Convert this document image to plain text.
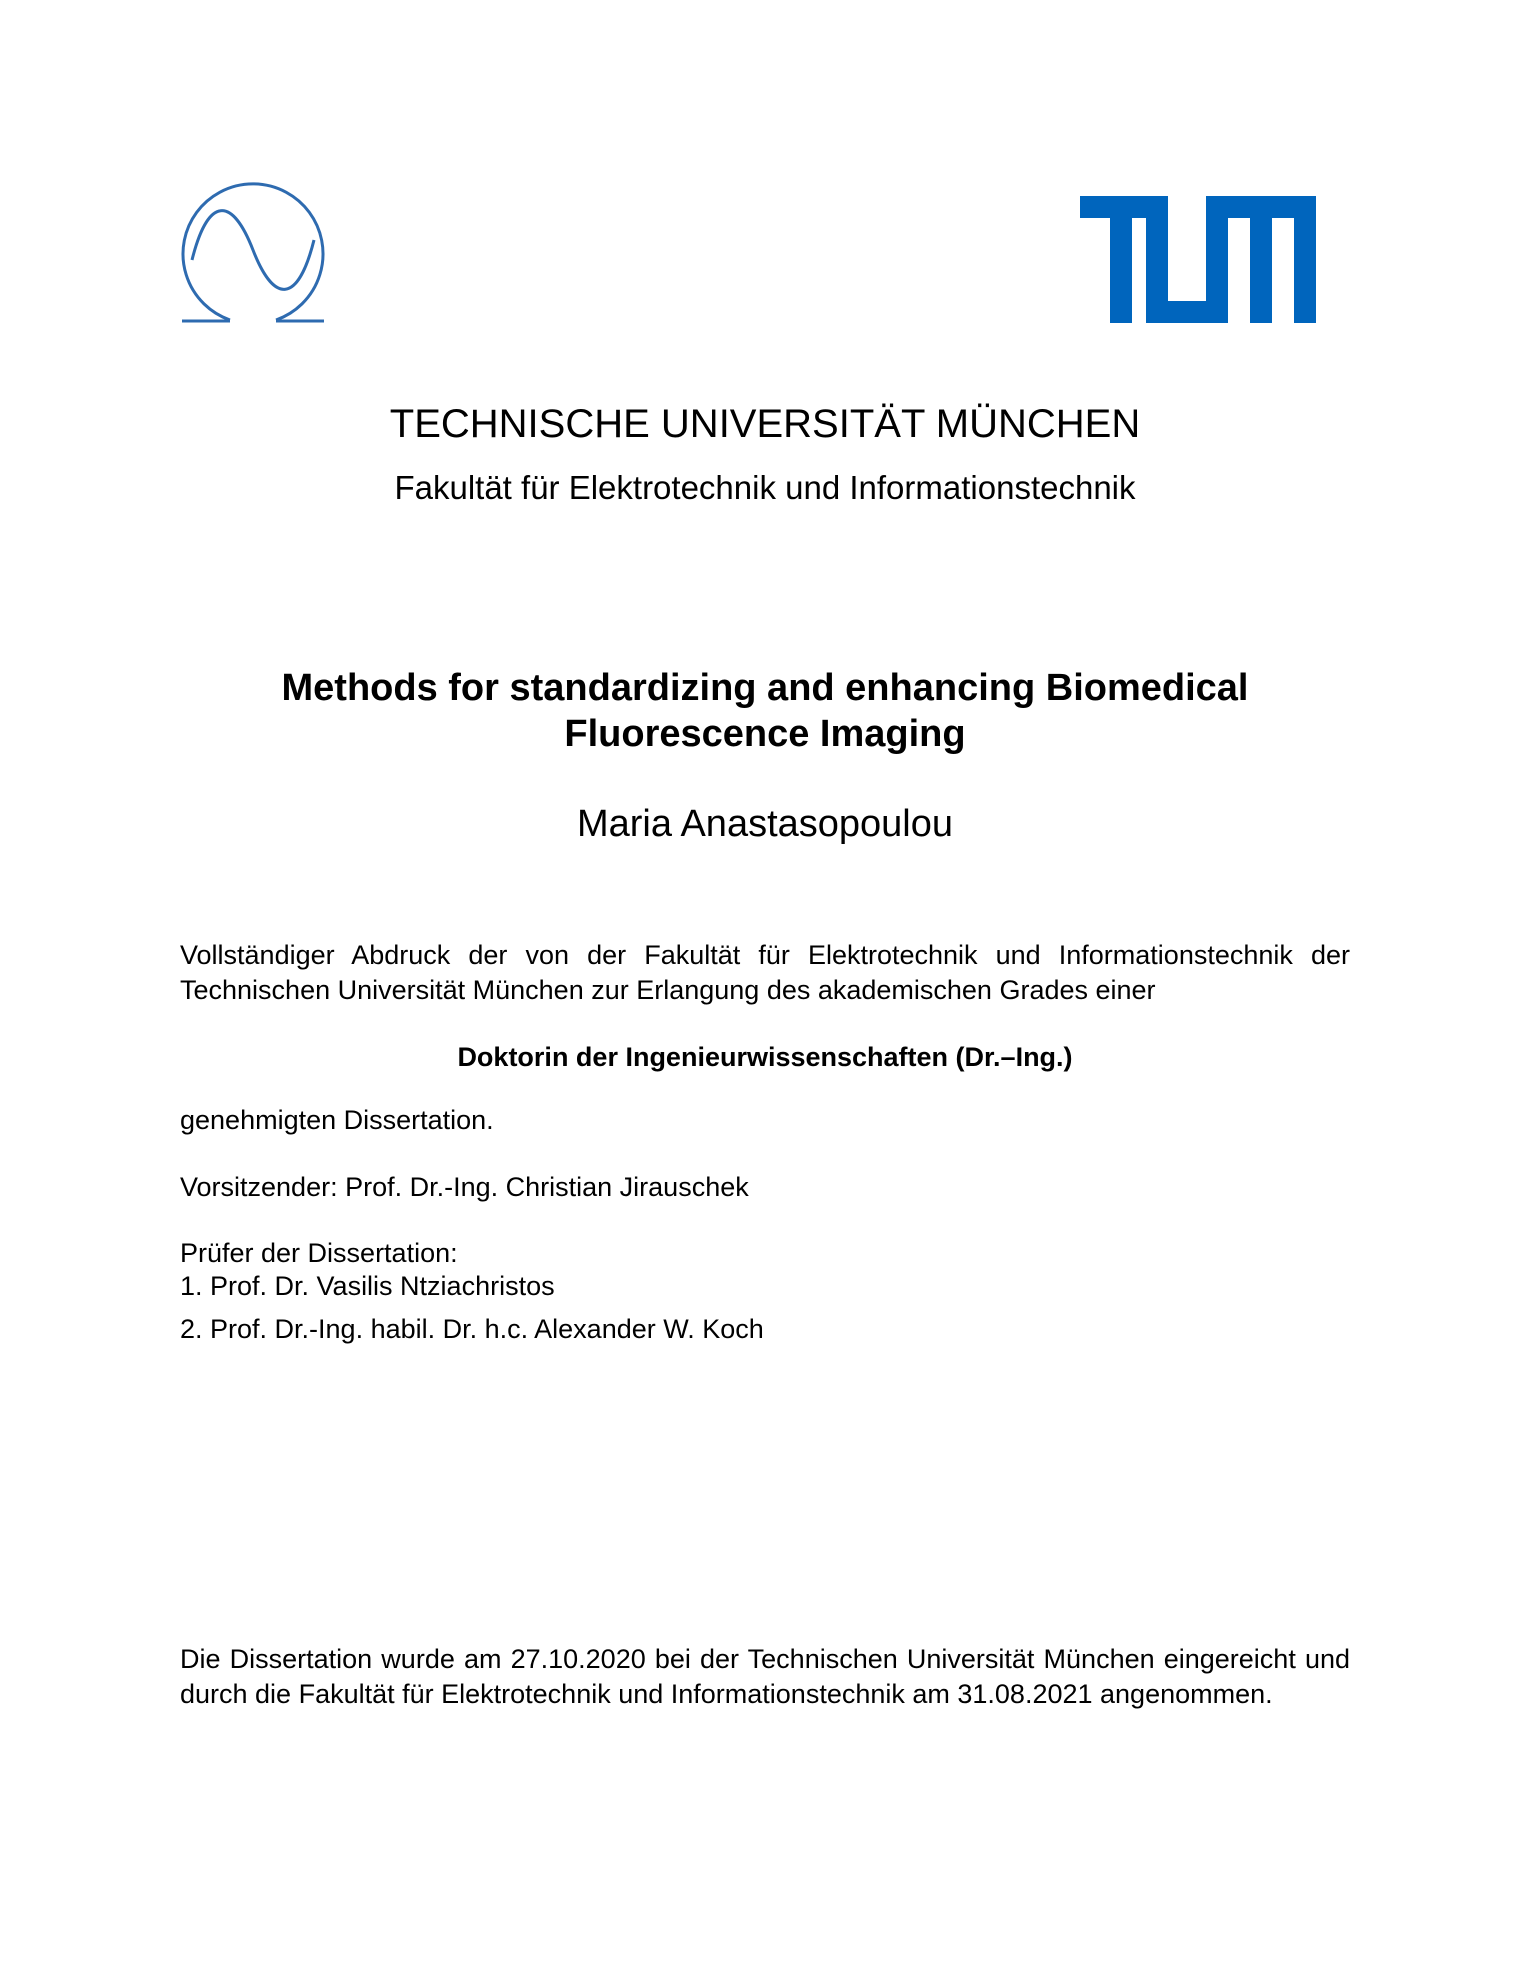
TECHNISCHE UNIVERSITÄT MÜNCHEN
Fakultät für Elektrotechnik und Informationstechnik
Methods for standardizing and enhancing Biomedical
Fluorescence Imaging
Maria Anastasopoulou
Vollständiger Abdruck der von der Fakultät für Elektrotechnik und Informationstechnik der Technischen Universität München zur Erlangung des akademischen Grades einer
Doktorin der Ingenieurwissenschaften (Dr.–Ing.)
genehmigten Dissertation.
Vorsitzender: Prof. Dr.-Ing. Christian Jirauschek
Prüfer der Dissertation:
1. Prof. Dr. Vasilis Ntziachristos
2. Prof. Dr.-Ing. habil. Dr. h.c. Alexander W. Koch
Die Dissertation wurde am 27.10.2020 bei der Technischen Universität München eingereicht und durch die Fakultät für Elektrotechnik und Informationstechnik am 31.08.2021 angenommen.
